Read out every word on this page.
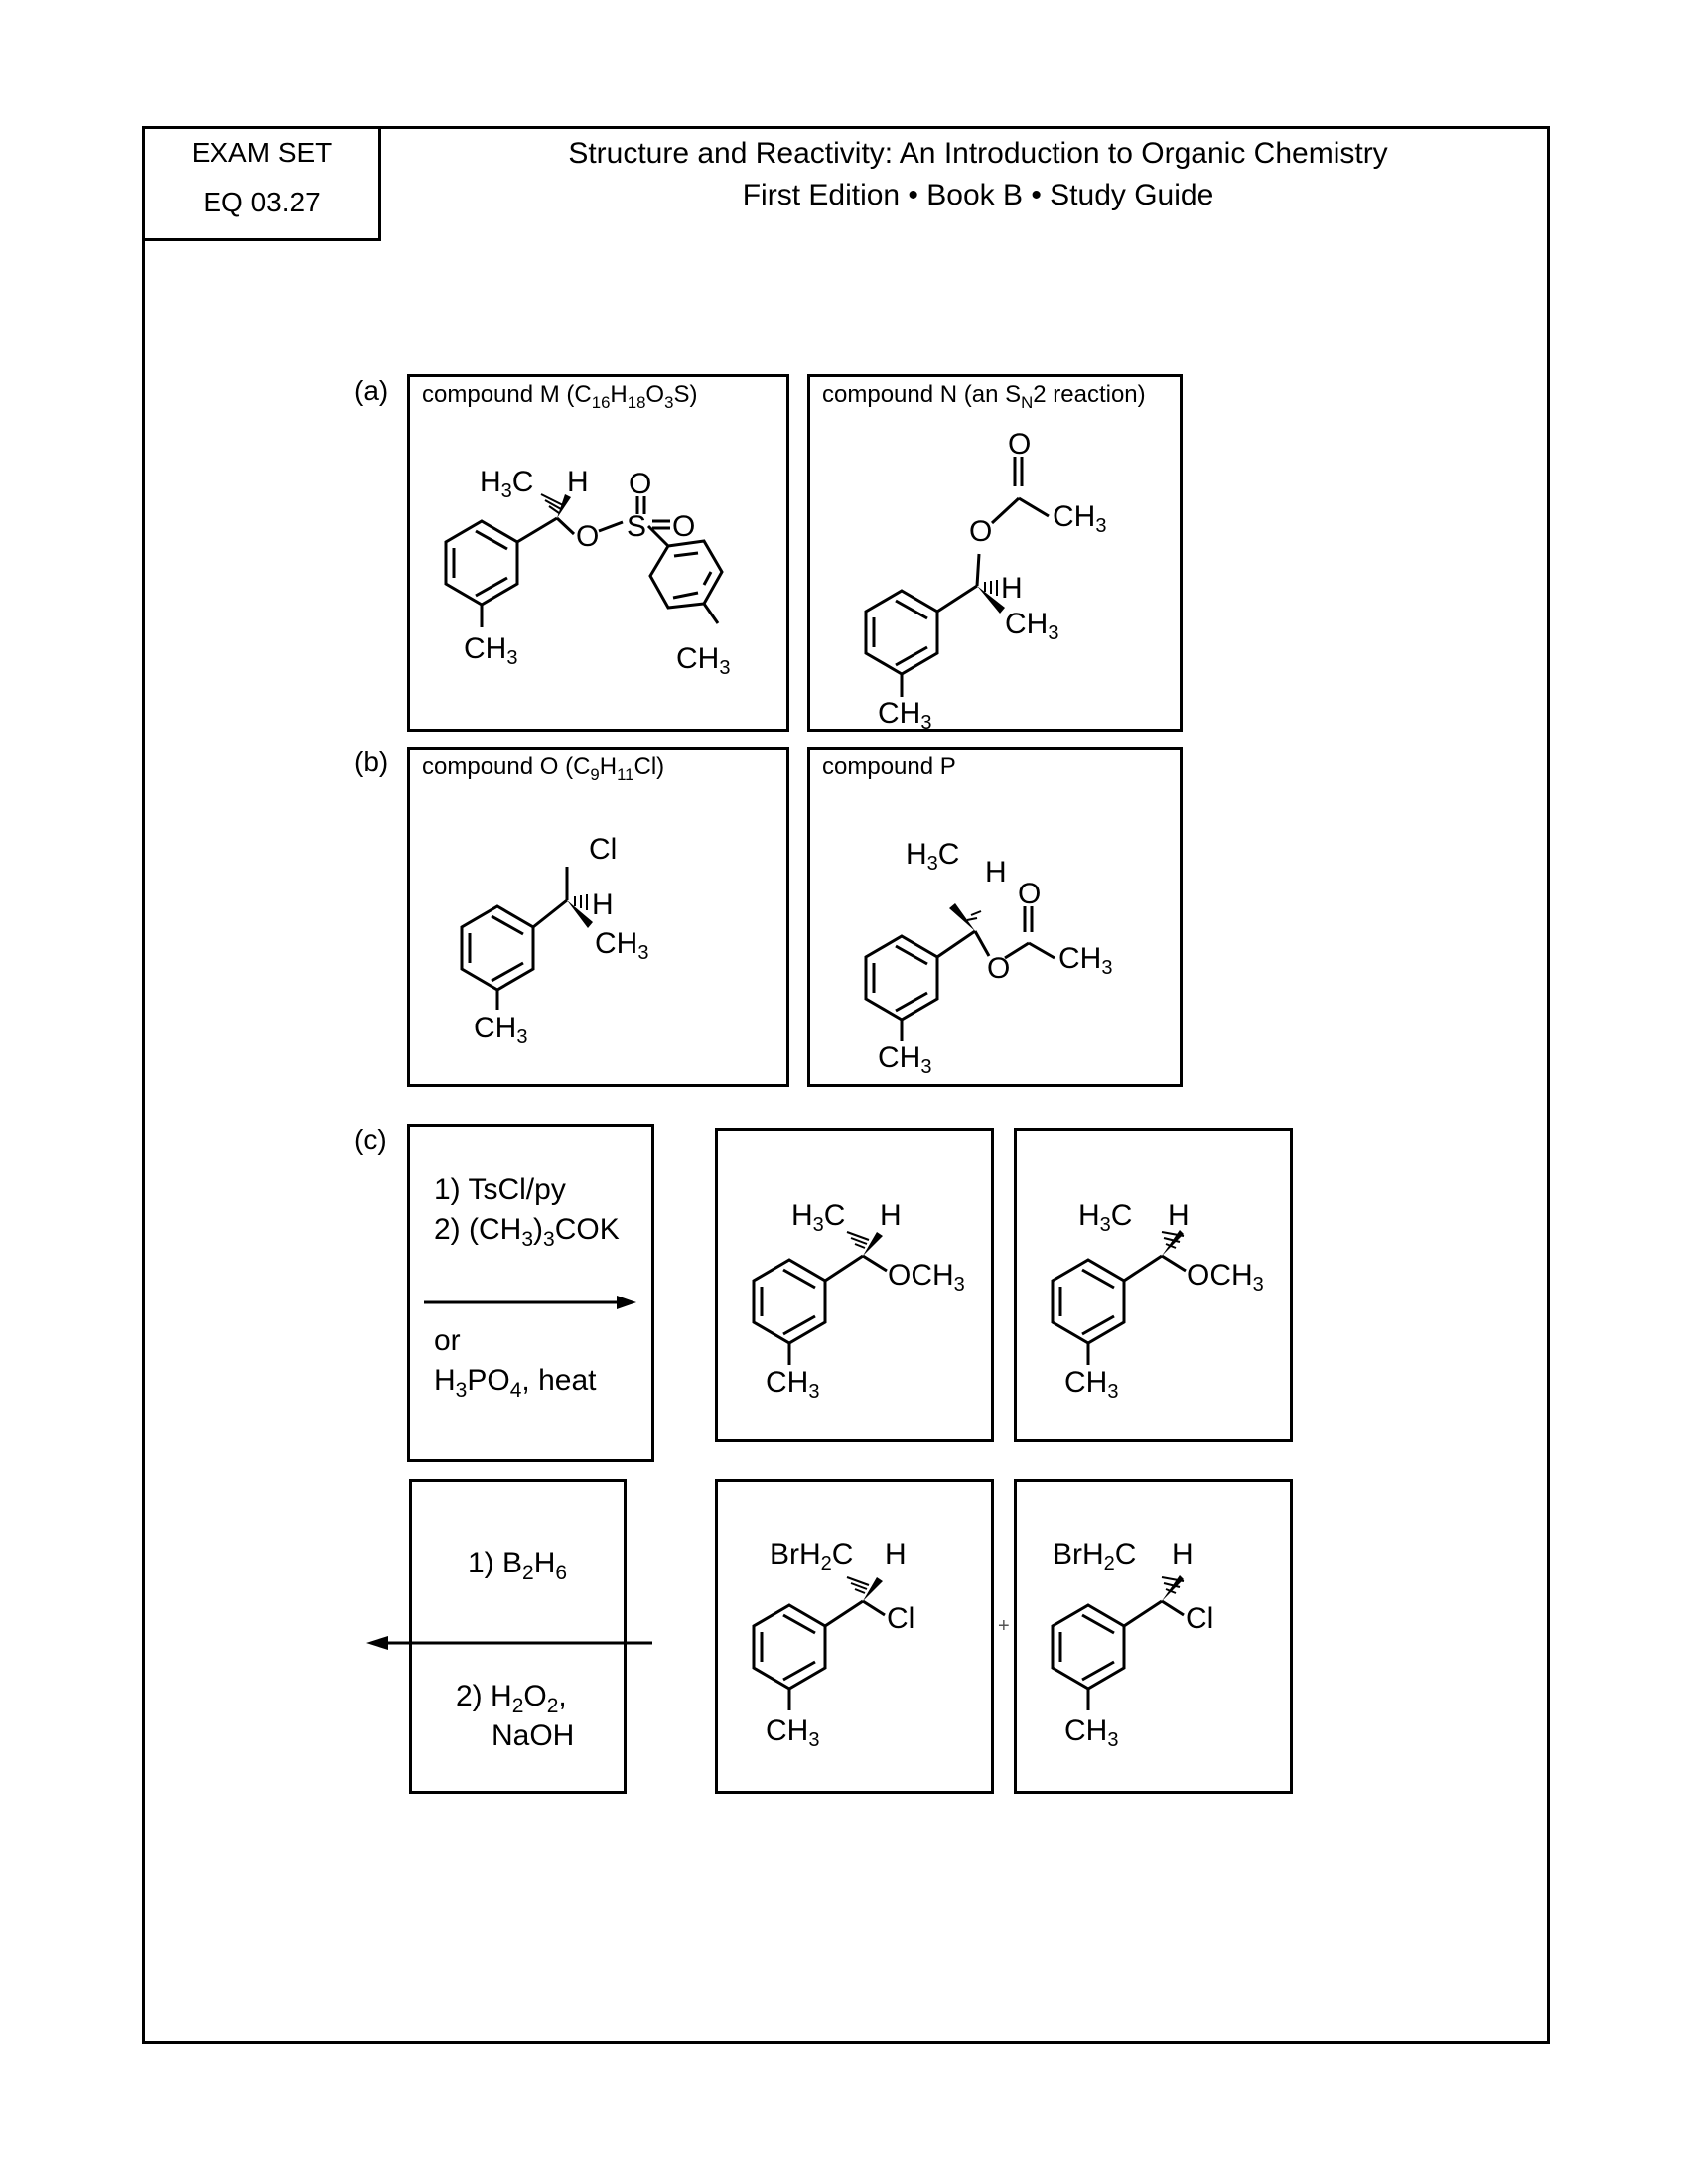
EXAM SET
EQ 03.27
Structure and Reactivity: An Introduction to Organic Chemistry
First Edition • Book B • Study Guide
(a)
(b)
(c)
compound M $(C_{16}H_{18}O_3S)$
$H_3C$ H
O S
O
O
$CH_3$	$CH_3$
compound N (an $S_N2$ reaction)
O
O $CH_3$
H
$CH_3$
$CH_3$
compound O $(C_9H_{11}Cl)$
H
$CH_3$
$CH_3$
Cl
compound P
$H_3C$
H
O
O $CH_3$
$CH_3$
1) TsCl/py
2) $(CH_3)_3COK$
or
$H_3PO_4$, heat
$H_3C$ H
$OCH_3$
$CH_3$
$H_3C$ H
$OCH_3$
$CH_3$
1) $B_2H_6$
2) $H_2O_2$,
NaOH
BrH$_2$C H
Cl
$CH_3$
+
BrH$_2$C H
Cl
$CH_3$
